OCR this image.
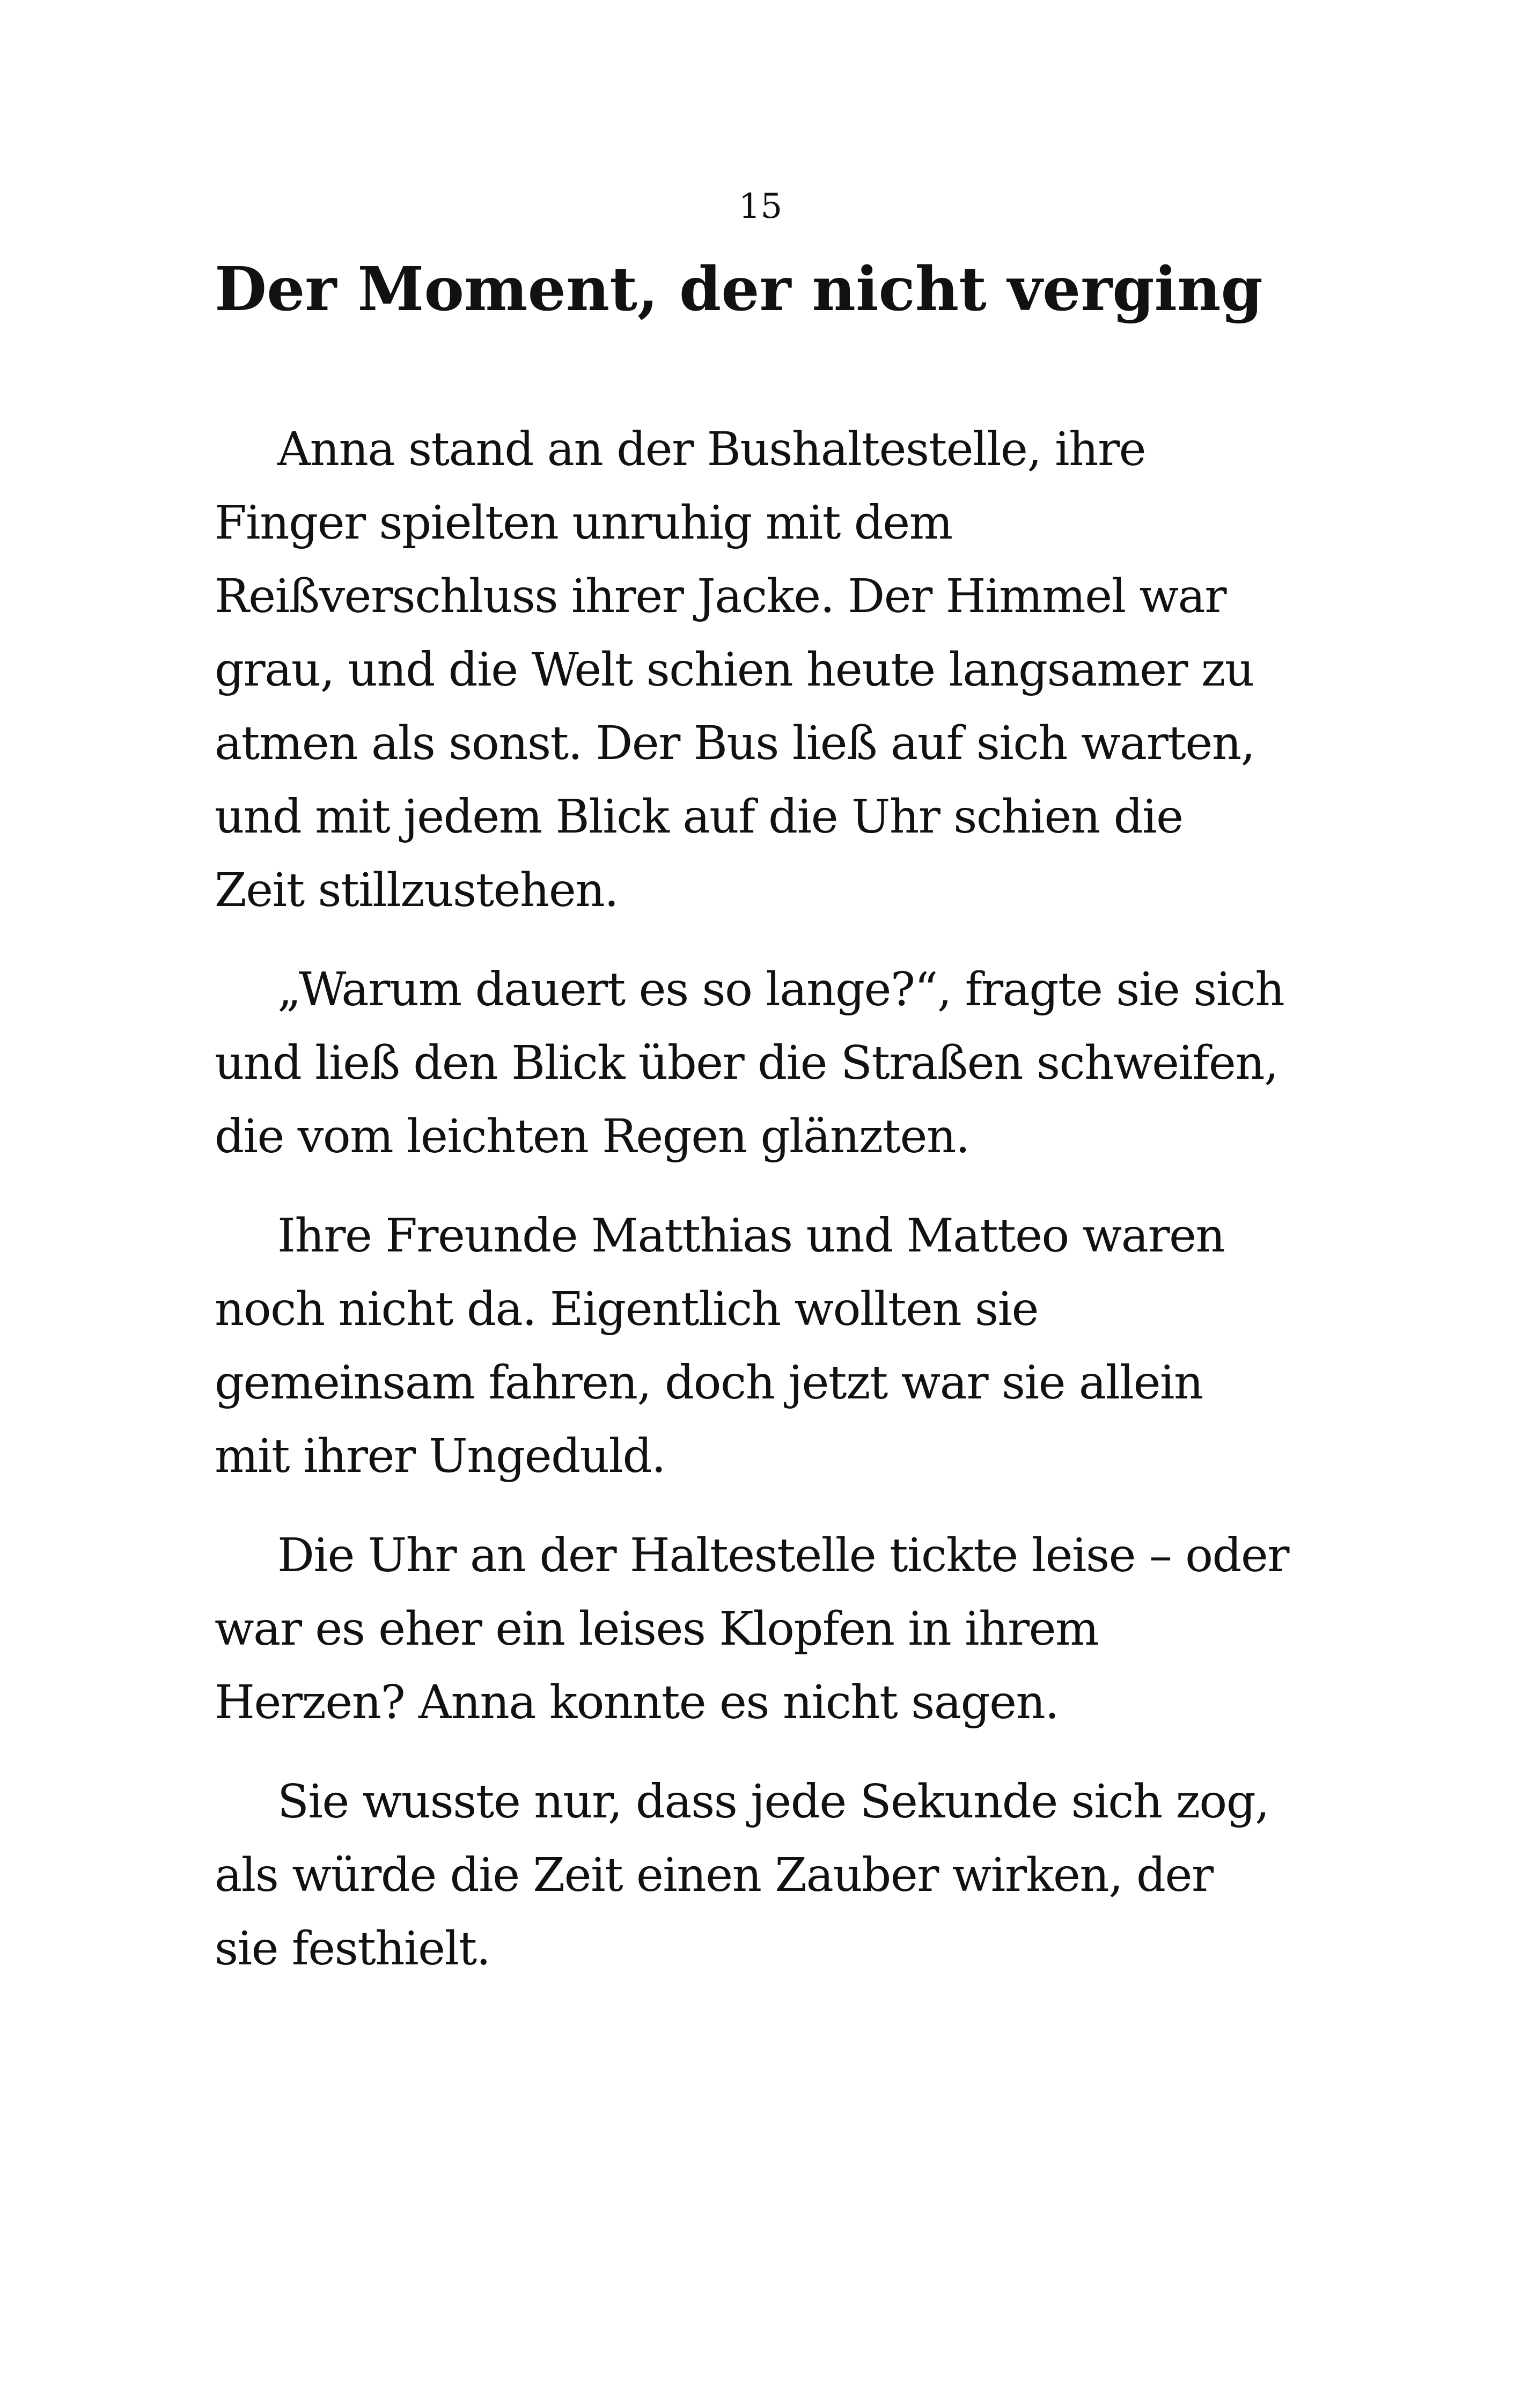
15
Der Moment, der nicht verging

Anna stand an der Bushaltestelle, ihre
Finger spielten unruhig mit dem
Reißverschluss ihrer Jacke. Der Himmel war
grau, und die Welt schien heute langsamer zu
atmen als sonst. Der Bus ließ auf sich warten,
und mit jedem Blick auf die Uhr schien die
Zeit stillzustehen.

„Warum dauert es so lange?“, fragte sie sich
und ließ den Blick über die Straßen schweifen,
die vom leichten Regen glänzten.

Ihre Freunde Matthias und Matteo waren
noch nicht da. Eigentlich wollten sie
gemeinsam fahren, doch jetzt war sie allein
mit ihrer Ungeduld.

Die Uhr an der Haltestelle tickte leise – oder
war es eher ein leises Klopfen in ihrem
Herzen? Anna konnte es nicht sagen.

Sie wusste nur, dass jede Sekunde sich zog,
als würde die Zeit einen Zauber wirken, der
sie festhielt.
